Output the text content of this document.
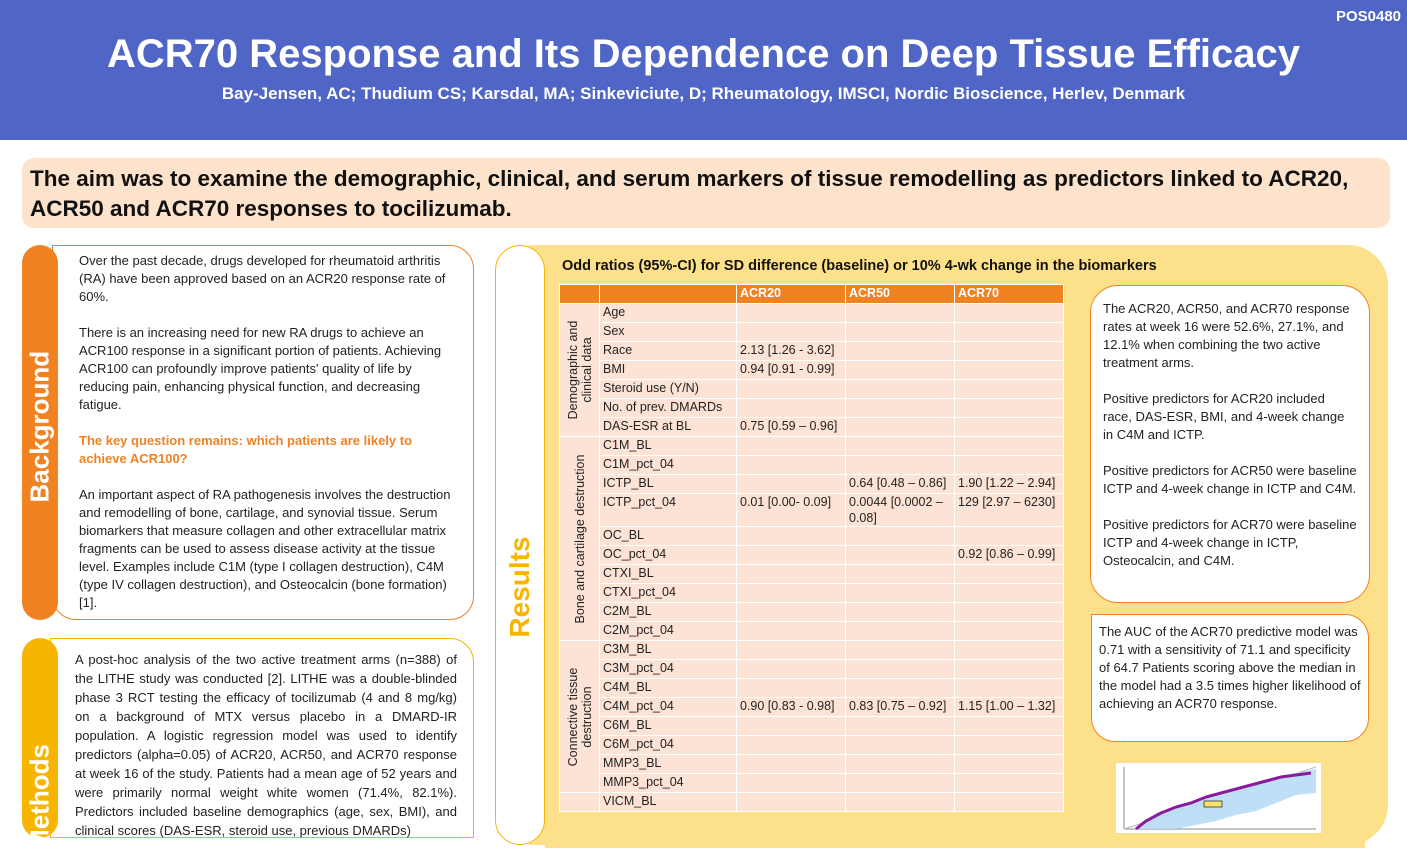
POS0480
ACR70 Response and Its Dependence on Deep Tissue Efficacy
Bay-Jensen, AC; Thudium CS; Karsdal, MA; Sinkeviciute, D; Rheumatology, IMSCI, Nordic Bioscience, Herlev, Denmark
The aim was to examine the demographic, clinical, and serum markers of tissue remodelling as predictors linked to ACR20, ACR50 and ACR70 responses to tocilizumab.
Background

Over the past decade, drugs developed for rheumatoid arthritis (RA) have been approved based on an ACR20 response rate of 60%.

There is an increasing need for new RA drugs to achieve an ACR100 response in a significant portion of patients. Achieving ACR100 can profoundly improve patients' quality of life by reducing pain, enhancing physical function, and decreasing fatigue.

The key question remains: which patients are likely to achieve ACR100?

An important aspect of RA pathogenesis involves the destruction and remodelling of bone, cartilage, and synovial tissue. Serum biomarkers that measure collagen and other extracellular matrix fragments can be used to assess disease activity at the tissue level. Examples include C1M (type I collagen destruction), C4M (type IV collagen destruction), and Osteocalcin (bone formation) [1].

Methods
A post-hoc analysis of the two active treatment arms (n=388) of the LITHE study was conducted [2]. LITHE was a double-blinded phase 3 RCT testing the efficacy of tocilizumab (4 and 8 mg/kg) on a background of MTX versus placebo in a DMARD-IR population. A logistic regression model was used to identify predictors (alpha=0.05) of ACR20, ACR50, and ACR70 response at week 16 of the study. Patients had a mean age of 52 years and were primarily normal weight white women (71.4%, 82.1%). Predictors included baseline demographics (age, sex, BMI), and clinical scores (DAS-ESR, steroid use, previous DMARDs)
Results
Odd ratios (95%-CI) for SD difference (baseline) or 10% 4-wk change in the biomarkers
		ACR20	ACR50	ACR70

Demographic and clinical data	Age			
	Sex			
	Race	2.13 [1.26 - 3.62]		
	BMI	0.94 [0.91 - 0.99]		
	Steroid use (Y/N)			
	No. of prev. DMARDs			
	DAS-ESR at BL	0.75 [0.59 – 0.96]		

Bone and cartilage destruction	C1M_BL			
	C1M_pct_04			
	ICTP_BL		0.64 [0.48 – 0.86]	1.90 [1.22 – 2.94]
	ICTP_pct_04	0.01 [0.00- 0.09]	0.0044 [0.0002 – 0.08]	129 [2.97 – 6230]
	OC_BL			
	OC_pct_04			0.92 [0.86 – 0.99]
	CTXI_BL			
	CTXI_pct_04			
	C2M_BL			
	C2M_pct_04			

Connective tissue destruction	C3M_BL			
	C3M_pct_04			
	C4M_BL			
	C4M_pct_04	0.90 [0.83 - 0.98]	0.83 [0.75 – 0.92]	1.15 [1.00 – 1.32]
	C6M_BL			
	C6M_pct_04			
	MMP3_BL			
	MMP3_pct_04			

	VICM_BL			

The ACR20, ACR50, and ACR70 response rates at week 16 were 52.6%, 27.1%, and 12.1% when combining the two active treatment arms.

Positive predictors for ACR20 included race, DAS-ESR, BMI, and 4-week change in C4M and ICTP.

Positive predictors for ACR50 were baseline ICTP and 4-week change in ICTP and C4M.

Positive predictors for ACR70 were baseline ICTP and 4-week change in ICTP, Osteocalcin, and C4M.

The AUC of the ACR70 predictive model was 0.71 with a sensitivity of 71.1 and specificity of 64.7 Patients scoring above the median in the model had a 3.5 times higher likelihood of achieving an ACR70 response.
